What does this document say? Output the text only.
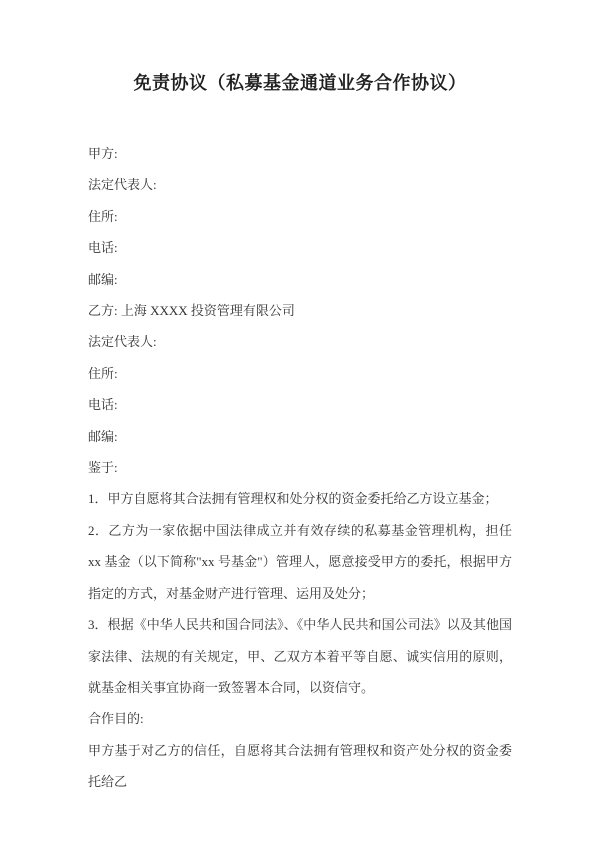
免责协议（私募基金通道业务合作协议）

甲方:

法定代表人:

住所:

电话:

邮编:

乙方: 上海 XXXX 投资管理有限公司

法定代表人:

住所:

电话:

邮编:

鉴于:

1．甲方自愿将其合法拥有管理权和处分权的资金委托给乙方设立基金；

2．乙方为一家依据中国法律成立并有效存续的私募基金管理机构，担任 xx 基金（以下简称"xx 号基金"）管理人，愿意接受甲方的委托，根据甲方指定的方式，对基金财产进行管理、运用及处分；

3．根据《中华人民共和国合同法》、《中华人民共和国公司法》以及其他国家法律、法规的有关规定，甲、乙双方本着平等自愿、诚实信用的原则，就基金相关事宜协商一致签署本合同，以资信守。

合作目的:

甲方基于对乙方的信任，自愿将其合法拥有管理权和资产处分权的资金委托给乙
